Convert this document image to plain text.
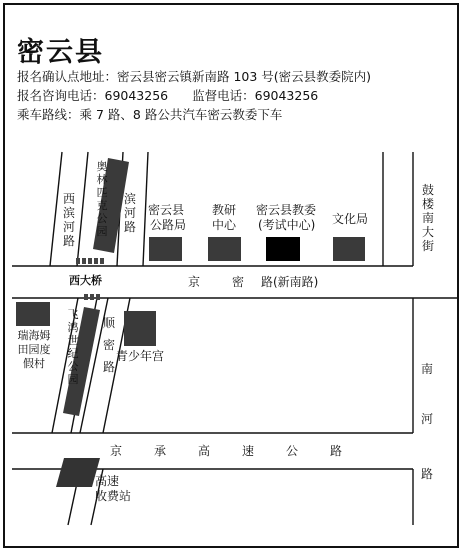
密云县
报名确认点地址：密云县密云镇新南路 103 号(密云县教委院内)
报名咨询电话：69043256 监督电话：69043256
乘车路线：乘 7 路、8 路公共汽车密云教委下车
京	密 路(新南路)
京	承	高	速	公	路
西滨河路
滨河路
顺密路
鼓楼南大街
南
河
路
奥林匹克公园
西大桥
飞鸿世纪公园
瑞海姆田园度假村
密云县
公路局
教研
中心
密云县教委
(考试中心) 文化局
青少年宫
高速
收费站
